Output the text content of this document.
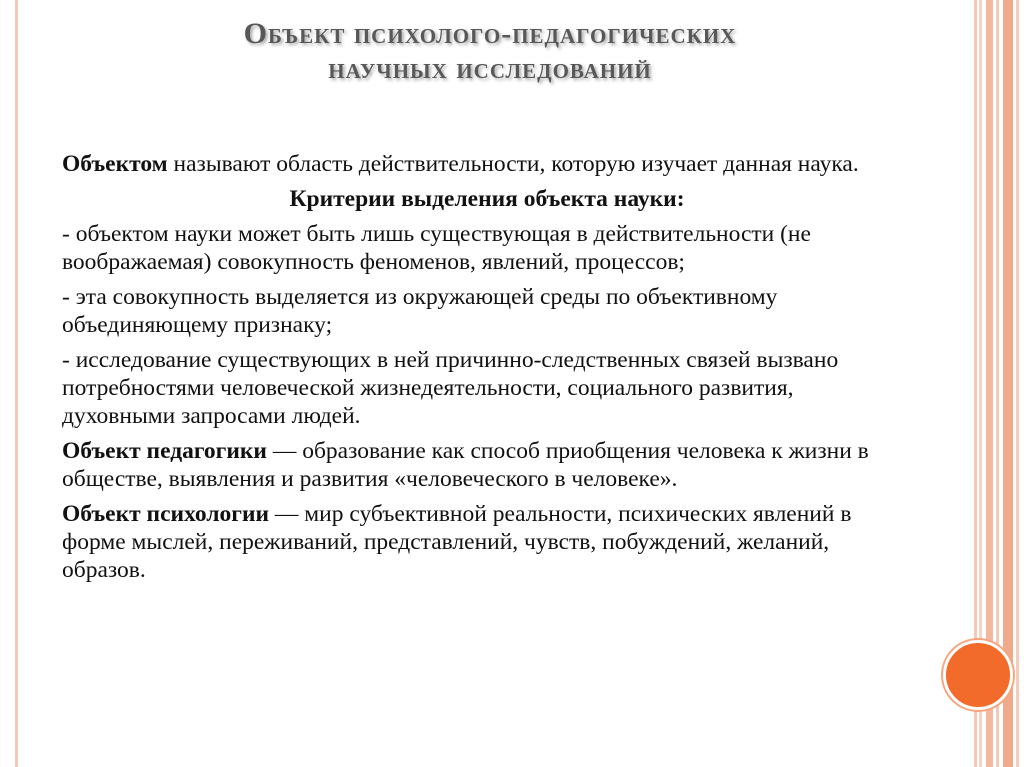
Объект психолого-педагогических
научных исследований

Объектом называют область действительности, которую изучает данная наука.

Критерии выделения объекта науки:

- объектом науки может быть лишь существующая в действительности (не воображаемая) совокупность феноменов, явлений, процессов;

- эта совокупность выделяется из окружающей среды по объективному объединяющему признаку;

- исследование существующих в ней причинно-следственных связей вызвано потребностями человеческой жизнедеятельности, социального развития, духовными запросами людей.

Объект педагогики — образование как способ приобщения человека к жизни в обществе, выявления и развития «человеческого в человеке».

Объект психологии — мир субъективной реальности, психических явлений в форме мыслей, переживаний, представлений, чувств, побуждений, желаний, образов.
